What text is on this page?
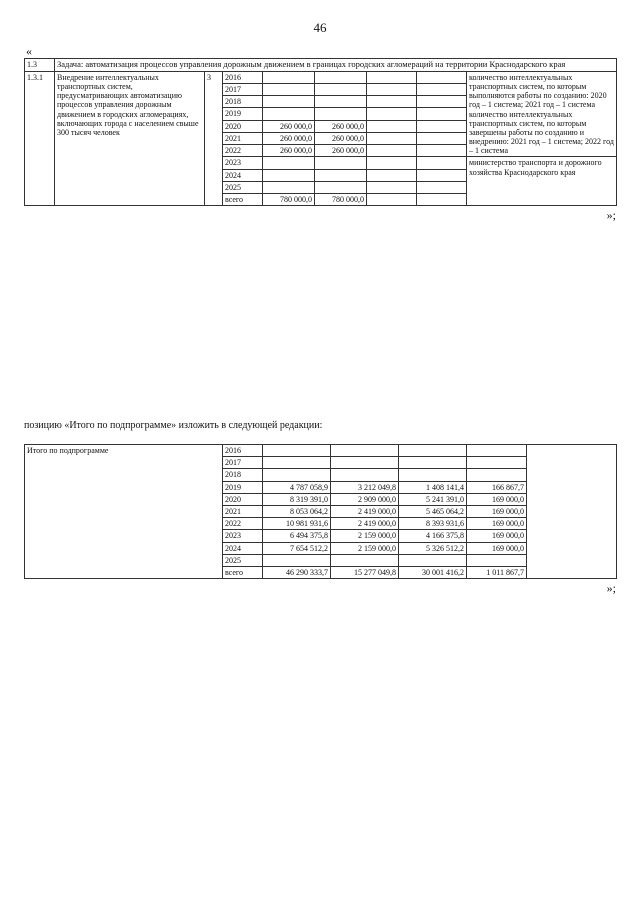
46
«
1.3	Задача: автоматизация процессов управления дорожным движением в границах городских агломераций на территории Краснодарского края							
1.3.1	Внедрение интеллектуальных транспортных систем, предусматривающих автоматизацию процессов управления дорожным движением в городских агломерациях, включающих города с населением свыше 300 тысяч человек	3	2016					количество интеллектуальных транспортных систем, по которым выполняются работы по созданию: 2020 год – 1 система; 2021 год – 1 система количество интеллектуальных транспортных систем, по которым завершены работы по созданию и внедрению: 2021 год – 1 система; 2022 год – 1 система
			2017					
			2018					
			2019					
			2020	260 000,0	260 000,0			
			2021	260 000,0	260 000,0			
			2022	260 000,0	260 000,0			
			2023					министерство транспорта и дорожного хозяйства Краснодарского края
			2024					
			2025					
			всего	780 000,0	780 000,0			
»;
позицию «Итого по подпрограмме» изложить в следующей редакции:
Итого по подпрограмме	2016					
	2017					
	2018					
	2019	4 787 058,9	3 212 049,8	1 408 141,4	166 867,7	
	2020	8 319 391,0	2 909 000,0	5 241 391,0	169 000,0	
	2021	8 053 064,2	2 419 000,0	5 465 064,2	169 000,0	
	2022	10 981 931,6	2 419 000,0	8 393 931,6	169 000,0	
	2023	6 494 375,8	2 159 000,0	4 166 375,8	169 000,0	
	2024	7 654 512,2	2 159 000,0	5 326 512,2	169 000,0	
	2025					
	всего	46 290 333,7	15 277 049,8	30 001 416,2	1 011 867,7	
»;
